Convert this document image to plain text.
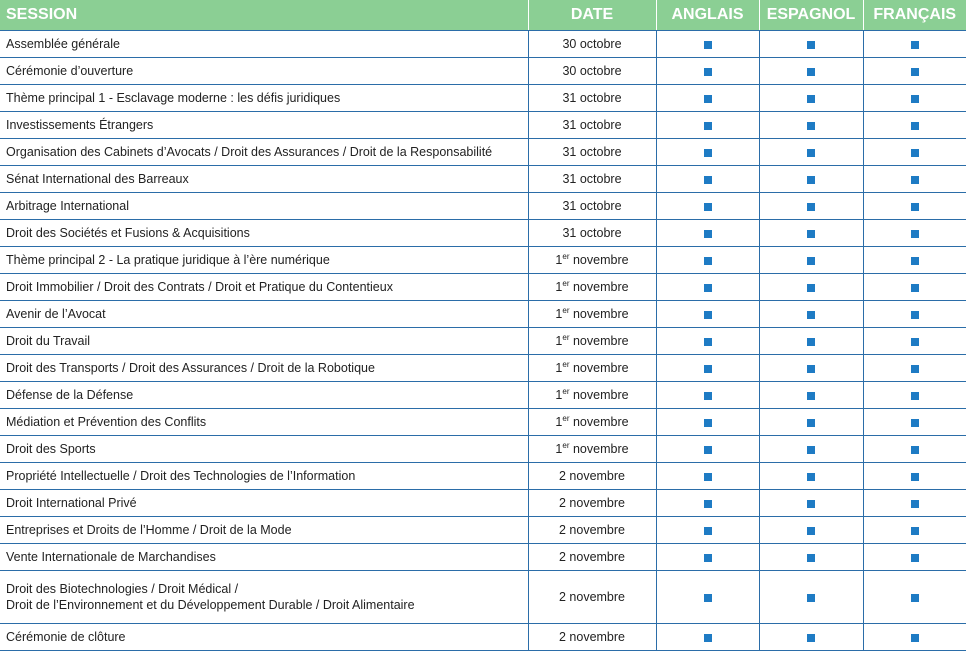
SESSION	DATE	ANGLAIS	ESPAGNOL	FRANÇAIS
Assemblée générale	30 octobre			
Cérémonie d’ouverture	30 octobre			
Thème principal 1 - Esclavage moderne : les défis juridiques	31 octobre			
Investissements Étrangers	31 octobre			
Organisation des Cabinets d’Avocats / Droit des Assurances / Droit de la Responsabilité	31 octobre			
Sénat International des Barreaux	31 octobre			
Arbitrage International	31 octobre			
Droit des Sociétés et Fusions & Acquisitions	31 octobre			
Thème principal 2 - La pratique juridique à l’ère numérique	1er novembre			
Droit Immobilier / Droit des Contrats / Droit et Pratique du Contentieux	1er novembre			
Avenir de l’Avocat	1er novembre			
Droit du Travail	1er novembre			
Droit des Transports / Droit des Assurances / Droit de la Robotique	1er novembre			
Défense de la Défense	1er novembre			
Médiation et Prévention des Conflits	1er novembre			
Droit des Sports	1er novembre			
Propriété Intellectuelle / Droit des Technologies de l’Information	2 novembre			
Droit International Privé	2 novembre			
Entreprises et Droits de l’Homme / Droit de la Mode	2 novembre			
Vente Internationale de Marchandises	2 novembre			
Droit des Biotechnologies / Droit Médical /
Droit de l’Environnement et du Développement Durable / Droit Alimentaire	2 novembre			
Cérémonie de clôture	2 novembre			
